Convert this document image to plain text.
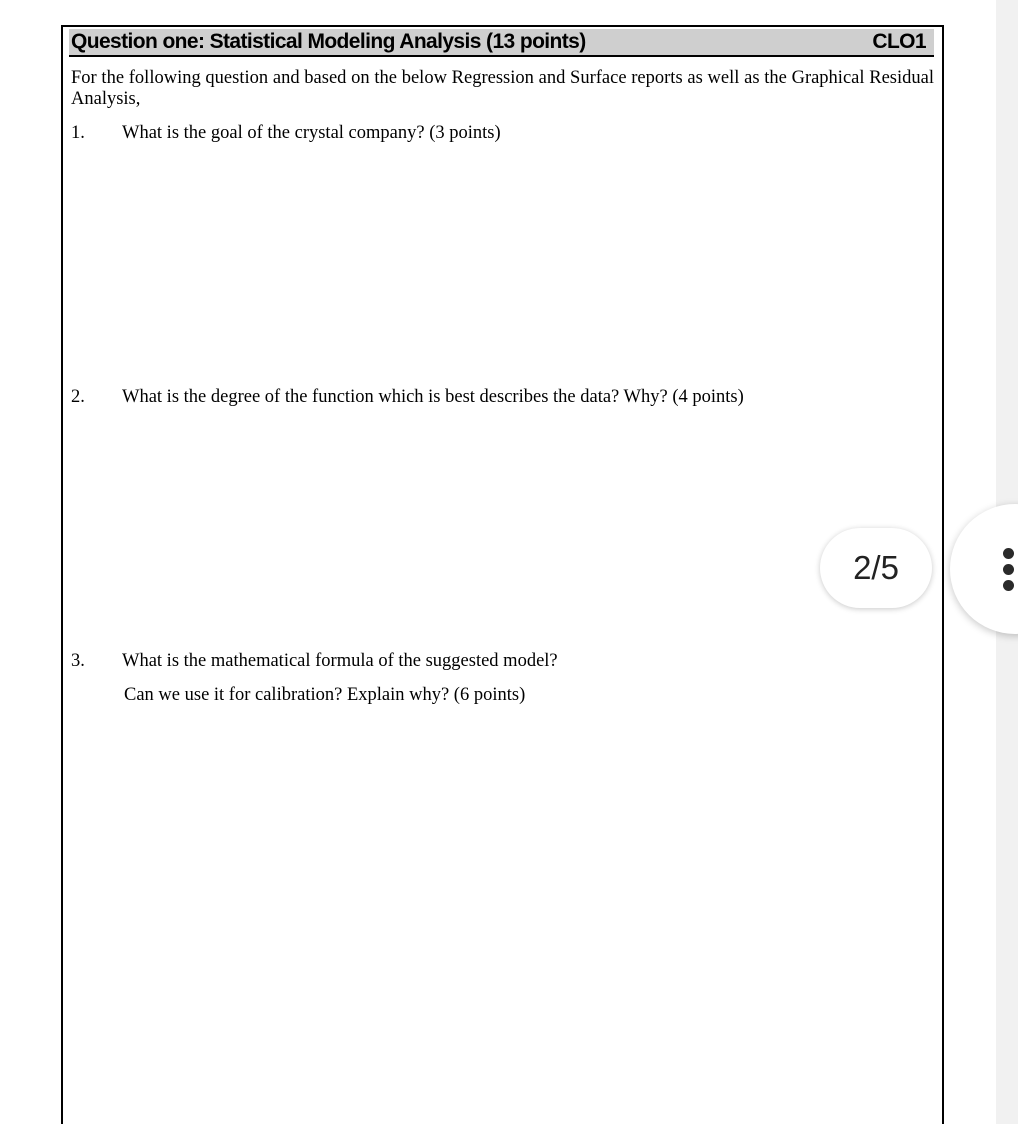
Question one: Statistical Modeling Analysis (13 points)	CLO1
For the following question and based on the below Regression and Surface reports as well as the Graphical Residual Analysis,
1. What is the goal of the crystal company? (3 points)
2. What is the degree of the function which is best describes the data? Why? (4 points)
3. What is the mathematical formula of the suggested model?
Can we use it for calibration? Explain why? (6 points)
2/5
